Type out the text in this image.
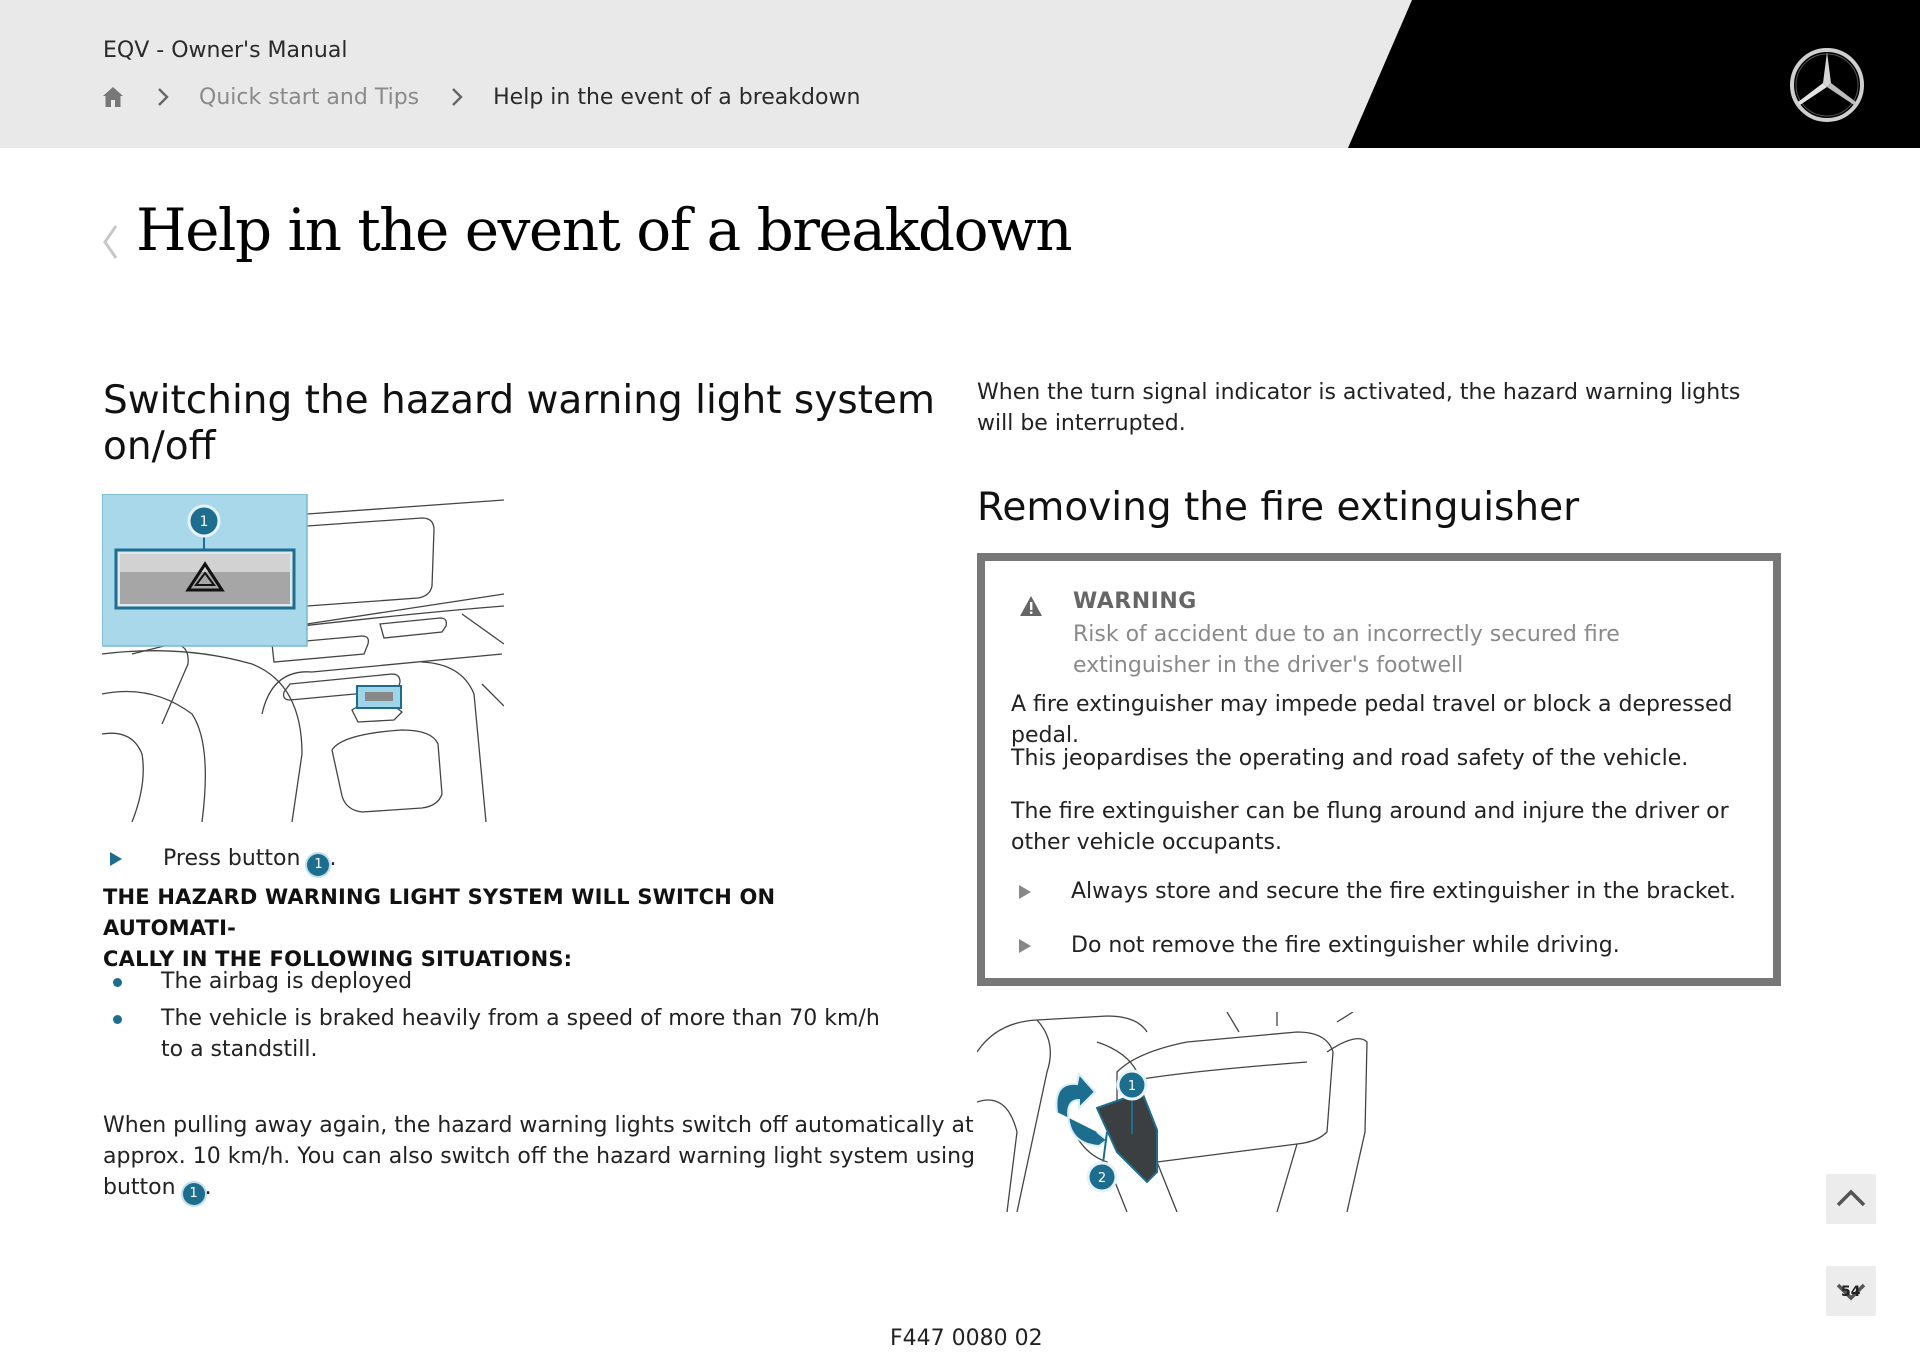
EQV - Owner's Manual
Quick start and Tips	Help in the event of a breakdown
Help in the event of a breakdown
Switching the hazard warning light system
on/off
1
Press button 1 .
THE HAZARD WARNING LIGHT SYSTEM WILL SWITCH ON AUTOMATI-
CALLY IN THE FOLLOWING SITUATIONS:
The airbag is deployed
The vehicle is braked heavily from a speed of more than 70 km/h to a standstill.
When pulling away again, the hazard warning lights switch off automatically at
approx. 10 km/h. You can also switch off the hazard warning light system using
button 1 .
When the turn signal indicator is activated, the hazard warning lights will be interrupted.
Removing the fire extinguisher
WARNING
Risk of accident due to an incorrectly secured fire extinguisher in the driver's footwell
A fire extinguisher may impede pedal travel or block a depressed pedal.
This jeopardises the operating and road safety of the vehicle.
The fire extinguisher can be flung around and injure the driver or other vehicle occupants.
Always store and secure the fire extinguisher in the bracket.
Do not remove the fire extinguisher while driving.
1
2
54
F447 0080 02
